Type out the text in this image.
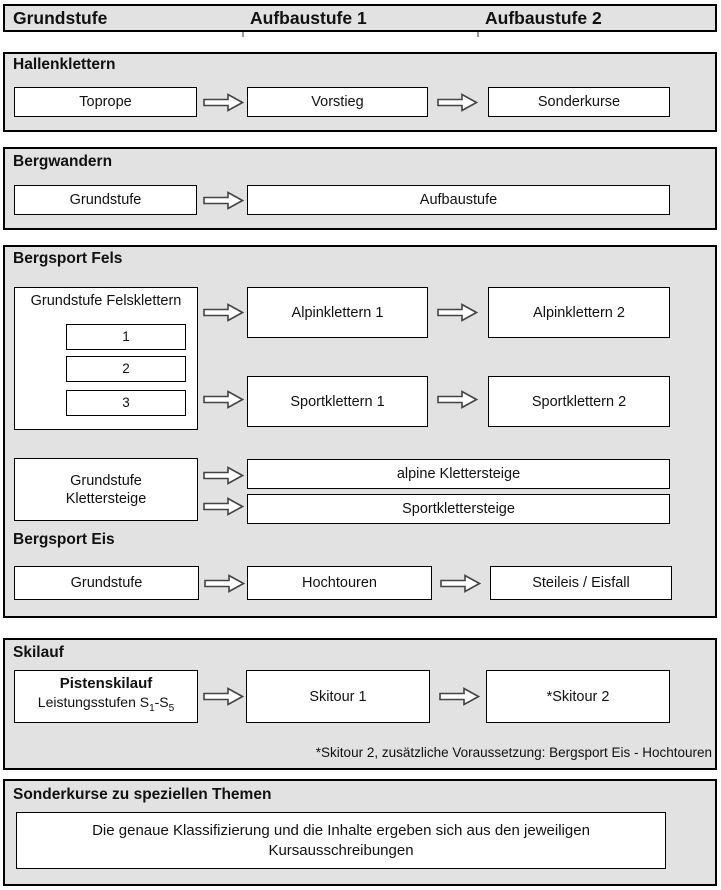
Grundstufe	Aufbaustufe 1	Aufbaustufe 2
Hallenklettern
Toprope	Vorstieg	Sonderkurse
Bergwandern
Grundstufe	Aufbaustufe
Bergsport Fels
Grundstufe Felsklettern
1
2
3
Alpinklettern 1	Alpinklettern 2
Sportklettern 1	Sportklettern 2
Grundstufe
Klettersteige
alpine Klettersteige
Sportklettersteige
Bergsport Eis
Grundstufe	Hochtouren	Steileis / Eisfall
Skilauf
Pistenskilauf
Leistungsstufen $S_1-S_5$
Skitour 1	*Skitour 2
*Skitour 2, zusätzliche Voraussetzung: Bergsport Eis - Hochtouren
Sonderkurse zu speziellen Themen
Die genaue Klassifizierung und die Inhalte ergeben sich aus den jeweiligen Kursausschreibungen
